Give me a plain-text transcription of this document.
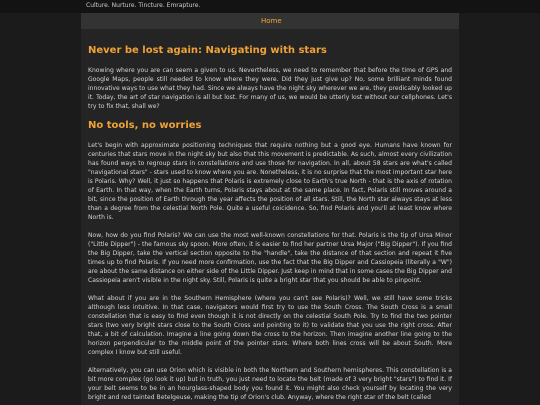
Culture. Nurture. Tincture. Emrapture.
Home
Never be lost again: Navigating with stars

Knowing where you are can seem a given to us. Nevertheless, we need to remember that before the time of GPS and Google Maps, people still needed to know where they were. Did they just give up? No, some brilliant minds found innovative ways to use what they had. Since we always have the night sky wherever we are, they predicably looked up it. Today, the art of star navigation is all but lost. For many of us, we would be utterly lost without our cellphones. Let's try to fix that, shall we?

No tools, no worries

Let's begin with approximate positioning techniques that require nothing but a good eye. Humans have known for centuries that stars move in the night sky but also that this movement is predictable. As such, almost every civilization has found ways to regroup stars in constellations and use those for navigation. In all, about 58 stars are what's called "navigational stars" - stars used to know where you are. Nonetheless, it is no surprise that the most important star here is Polaris. Why? Well, it just so happens that Polaris is extremely close to Earth's true North - that is the axis of rotation of Earth. In that way, when the Earth turns, Polaris stays about at the same place. In fact, Polaris still moves around a bit, since the position of Earth through the year affects the position of all stars. Still, the North star always stays at less than a degree from the celestial North Pole. Quite a useful coicidence. So, find Polaris and you'll at least know where North is.

Now, how do you find Polaris? We can use the most well-known constellations for that. Polaris is the tip of Ursa Minor ("Little Dipper") - the famous sky spoon. More often, it is easier to find her partner Ursa Major ("Big Dipper"). If you find the Big Dipper, take the vertical section opposite to the "handle", take the distance of that section and repeat it five times up to find Polaris. If you need more confirmation, use the fact that the Big Dipper and Cassiopeia (literally a "W") are about the same distance on either side of the Little Dipper. Just keep in mind that in some cases the Big Dipper and Cassiopeia aren't visible in the night sky. Still, Polaris is quite a bright star that you should be able to pinpoint.

What about if you are in the Southern Hemisphere (where you can't see Polaris)? Well, we still have some tricks although less intuitive. In that case, navigators would first try to use the South Cross. The South Cross is a small constellation that is easy to find even though it is not directly on the celestial South Pole. Try to find the two pointer stars (two very bright stars close to the South Cross and pointing to it) to validate that you use the right cross. After that, a bit of calculation. Imagine a line going down the cross to the horizon. Then imagine another line going to the horizon perpendicular to the middle point of the pointer stars. Where both lines cross will be about South. More complex I know but still useful.

Alternatively, you can use Orion which is visible in both the Northern and Southern hemispheres. This constellation is a bit more complex (go look it up) but in truth, you just need to locate the belt (made of 3 very bright "stars") to find it. If your belt seems to be in an hourglass-shaped body you found it. You might also check yourself by locating the very bright and red tainted Betelgeuse, making the tip of Orion's club. Anyway, where the right star of the belt (called
